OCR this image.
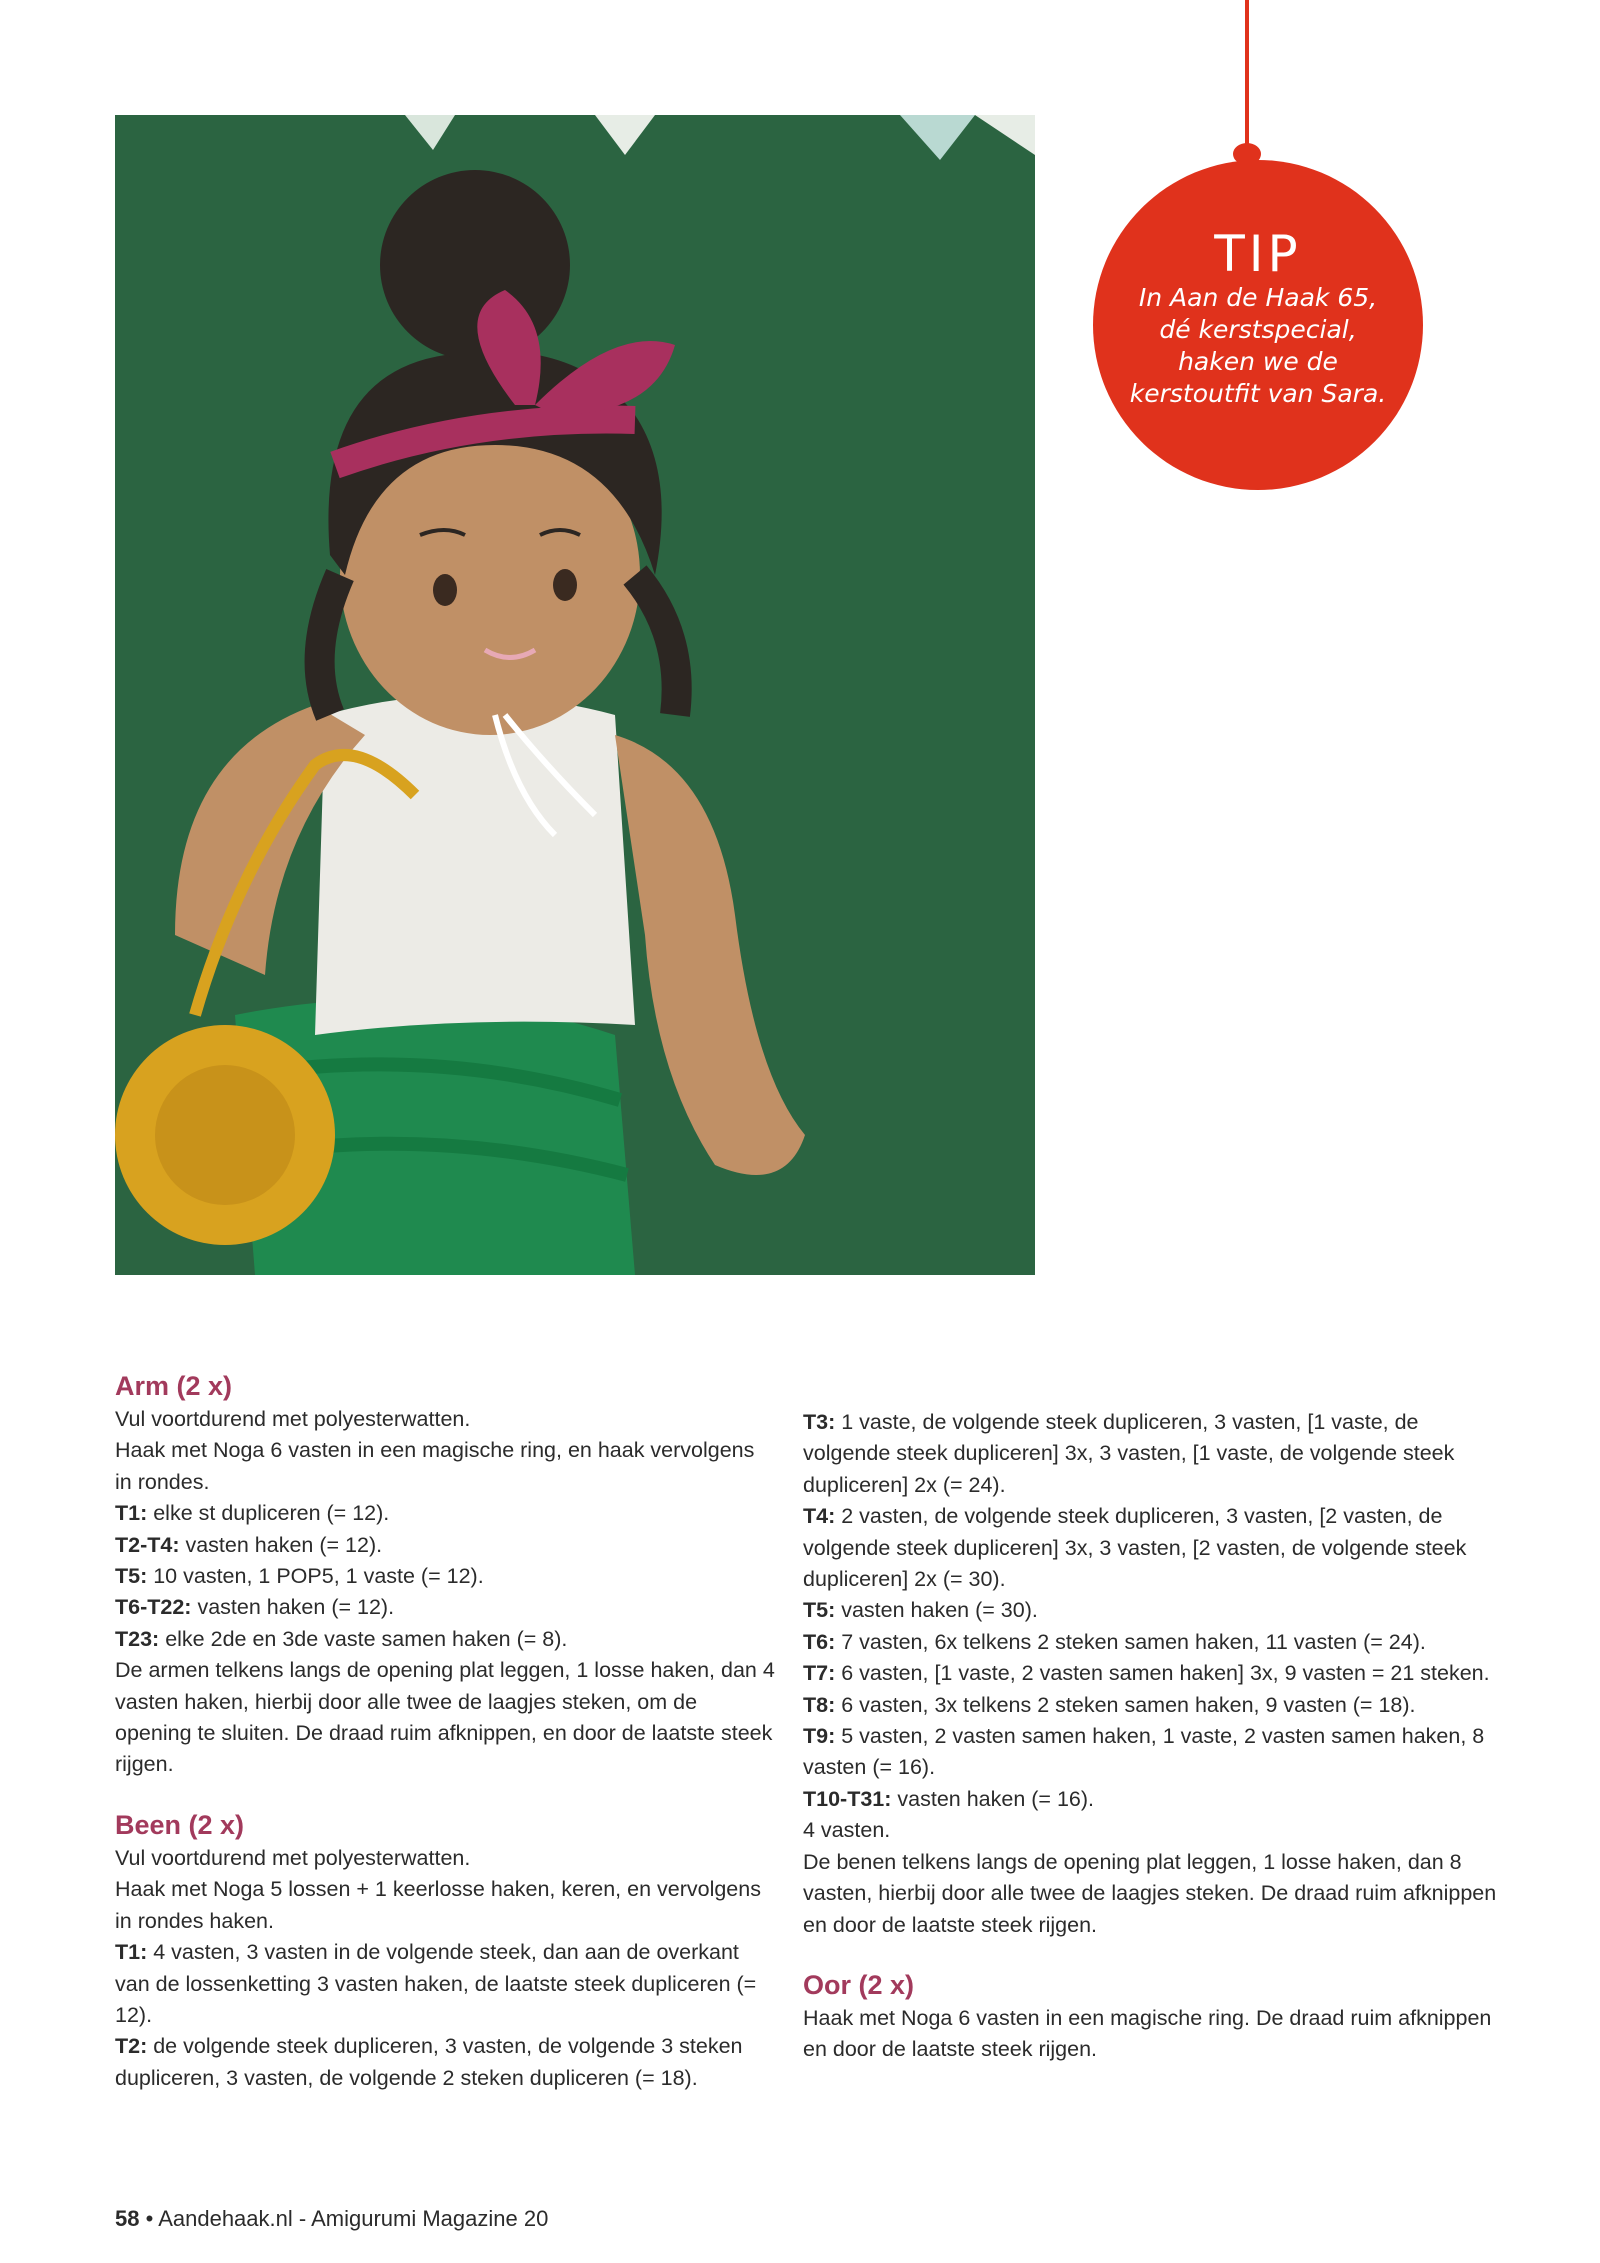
TIP
In Aan de Haak 65,
dé kerstspecial,
haken we de
kerstoutfit van Sara.
Arm (2 x)

Vul voortdurend met polyesterwatten.

Haak met Noga 6 vasten in een magische ring, en haak vervolgens in rondes.

T1: elke st dupliceren (= 12).

T2-T4: vasten haken (= 12).

T5: 10 vasten, 1 POP5, 1 vaste (= 12).

T6-T22: vasten haken (= 12).

T23: elke 2de en 3de vaste samen haken (= 8).

De armen telkens langs de opening plat leggen, 1 losse haken, dan 4 vasten haken, hierbij door alle twee de laagjes steken, om de opening te sluiten. De draad ruim afknippen, en door de laatste steek rijgen.

Been (2 x)

Vul voortdurend met polyesterwatten.

Haak met Noga 5 lossen + 1 keerlosse haken, keren, en vervolgens in rondes haken.

T1: 4 vasten, 3 vasten in de volgende steek, dan aan de overkant van de lossenketting 3 vasten haken, de laatste steek dupliceren (= 12).

T2: de volgende steek dupliceren, 3 vasten, de volgende 3 steken dupliceren, 3 vasten, de volgende 2 steken dupliceren (= 18).

T3: 1 vaste, de volgende steek dupliceren, 3 vasten, [1 vaste, de volgende steek dupliceren] 3x, 3 vasten, [1 vaste, de volgende steek dupliceren] 2x (= 24).

T4: 2 vasten, de volgende steek dupliceren, 3 vasten, [2 vasten, de volgende steek dupliceren] 3x, 3 vasten, [2 vasten, de volgende steek dupliceren] 2x (= 30).

T5: vasten haken (= 30).

T6: 7 vasten, 6x telkens 2 steken samen haken, 11 vasten (= 24).

T7: 6 vasten, [1 vaste, 2 vasten samen haken] 3x, 9 vasten = 21 steken.

T8: 6 vasten, 3x telkens 2 steken samen haken, 9 vasten (= 18).

T9: 5 vasten, 2 vasten samen haken, 1 vaste, 2 vasten samen haken, 8 vasten (= 16).

T10-T31: vasten haken (= 16).

4 vasten.

De benen telkens langs de opening plat leggen, 1 losse haken, dan 8 vasten, hierbij door alle twee de laagjes steken. De draad ruim afknippen en door de laatste steek rijgen.

Oor (2 x)

Haak met Noga 6 vasten in een magische ring. De draad ruim afknippen en door de laatste steek rijgen.

58 • Aandehaak.nl - Amigurumi Magazine 20
